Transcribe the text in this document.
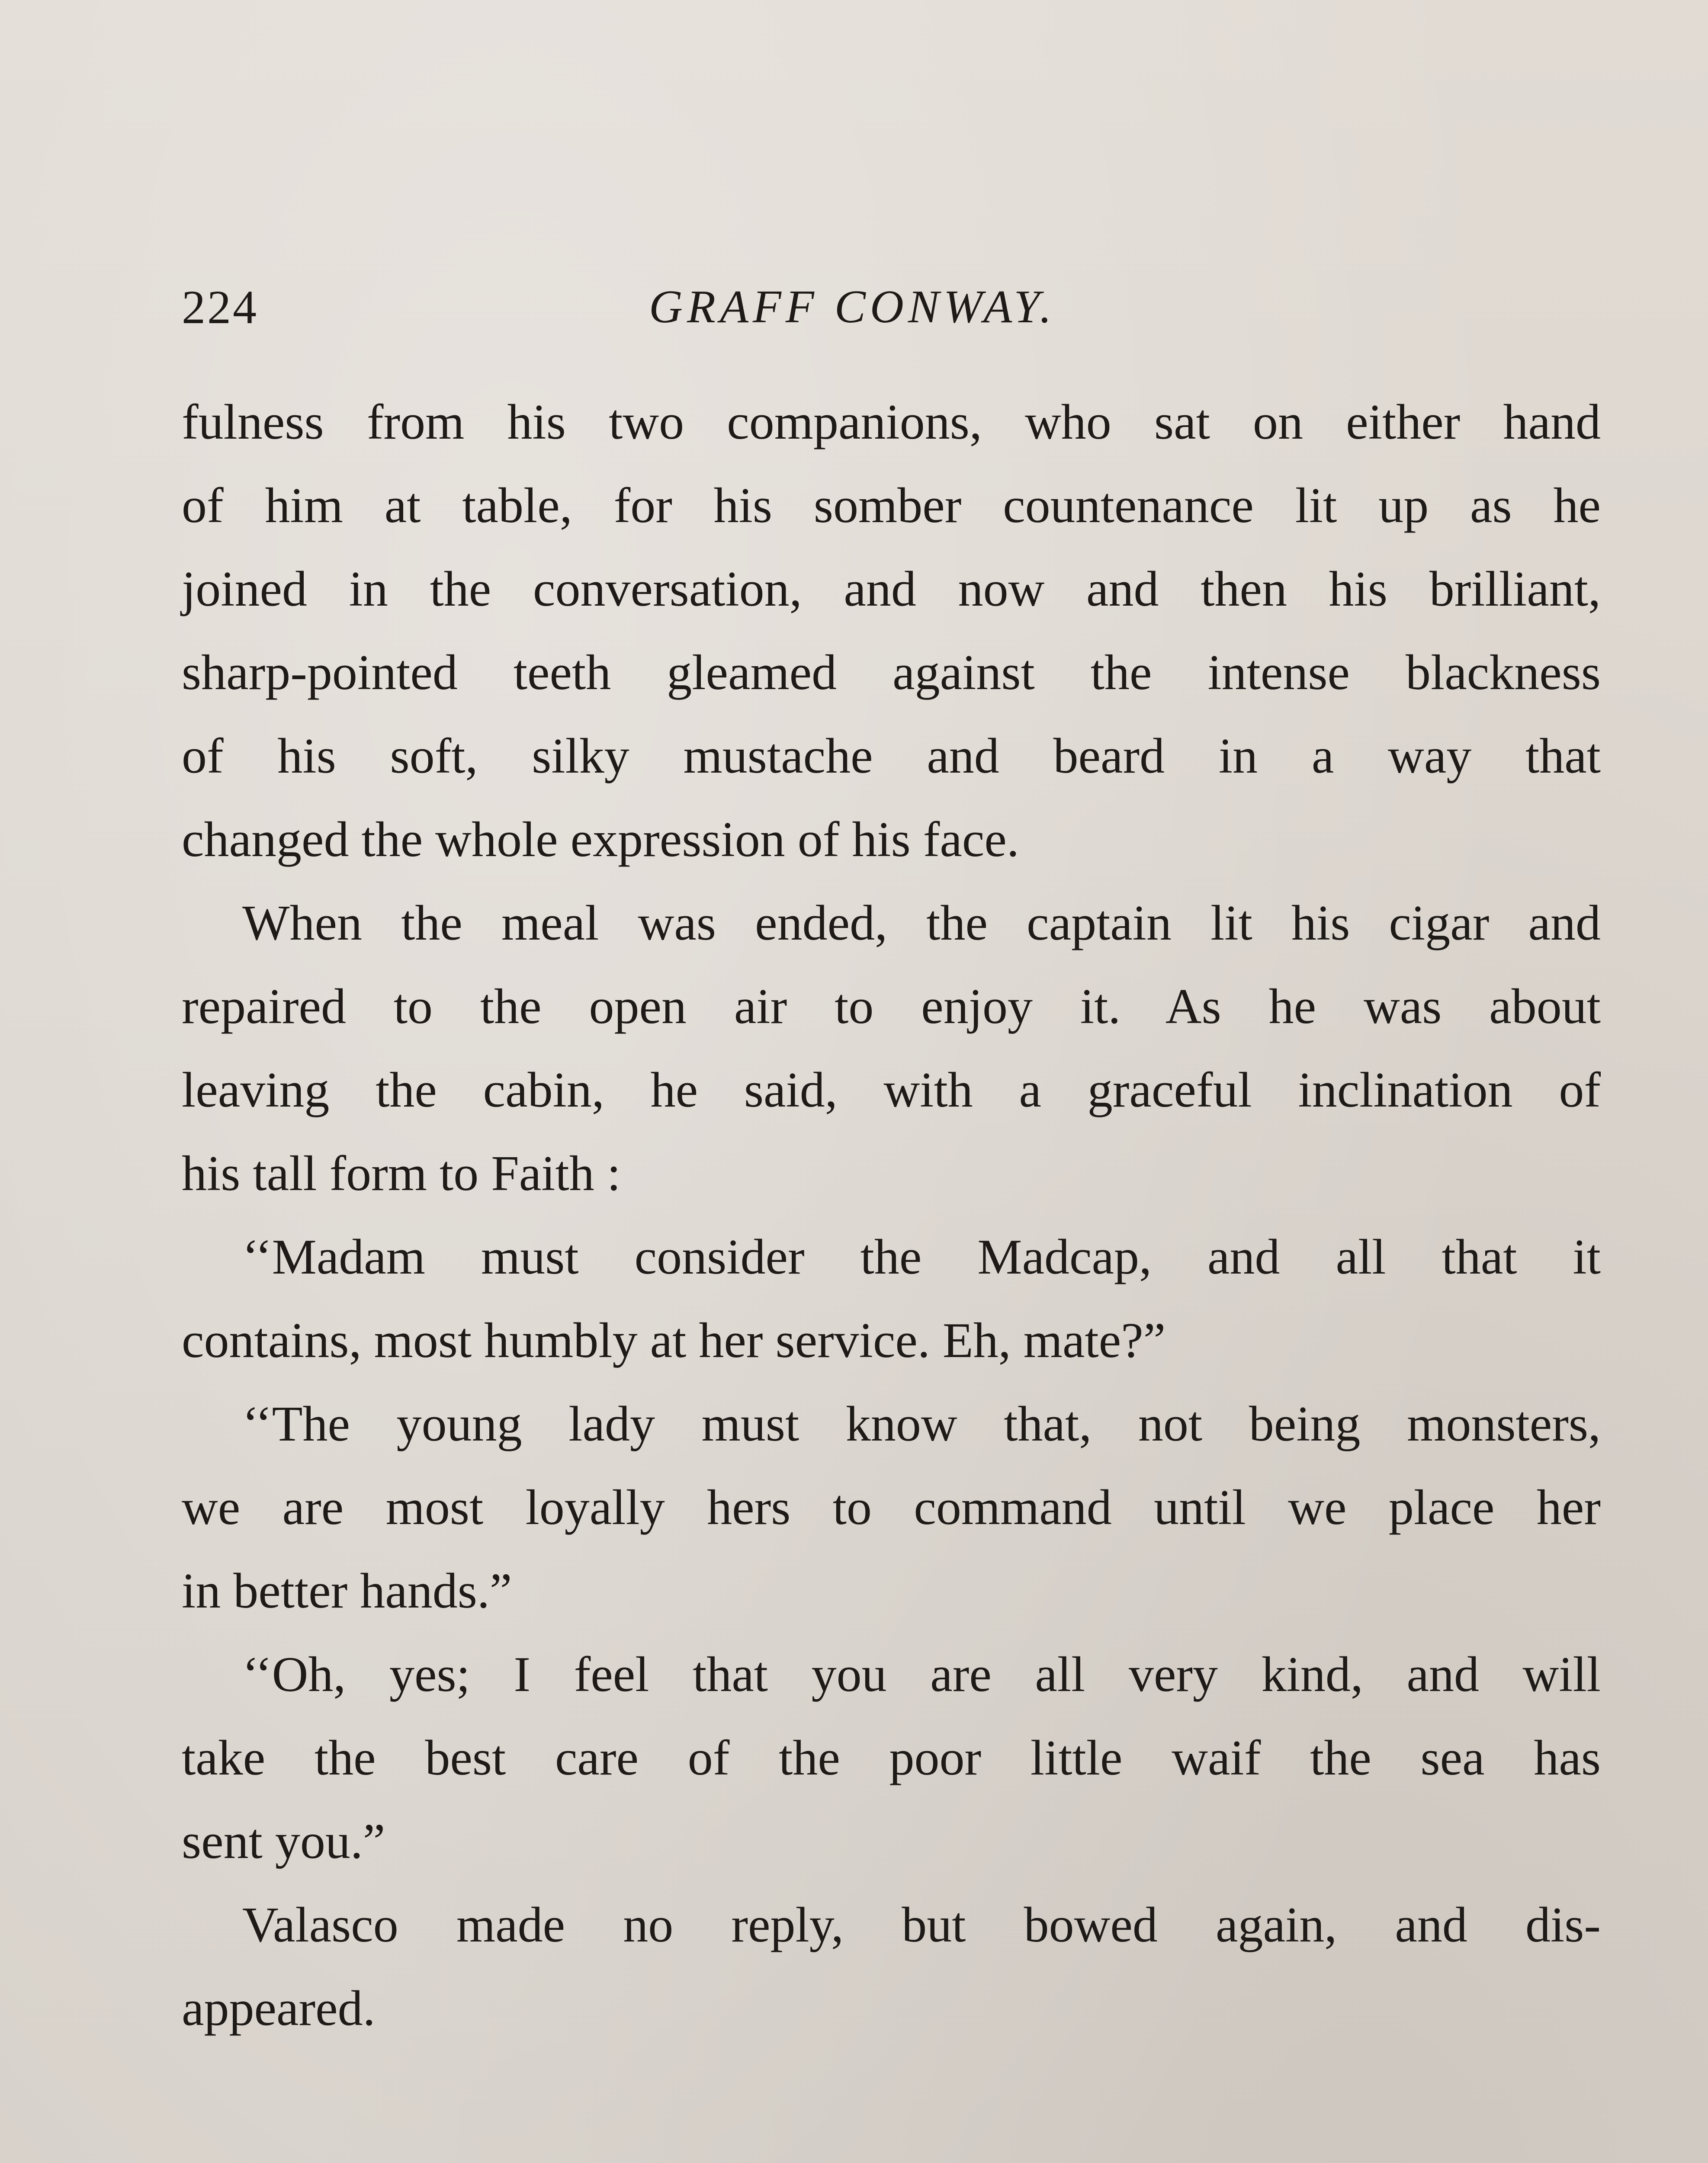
224	GRAFF CONWAY.
fulness from his two companions, who sat on either hand
of him at table, for his somber countenance lit up as he
joined in the conversation, and now and then his brilliant,
sharp-pointed teeth gleamed against the intense blackness
of his soft, silky mustache and beard in a way that
changed the whole expression of his face.
When the meal was ended, the captain lit his cigar and
repaired to the open air to enjoy it. As he was about
leaving the cabin, he said, with a graceful inclination of
his tall form to Faith :
‘‘Madam must consider the Madcap, and all that it
contains, most humbly at her service. Eh, mate?”
‘‘The young lady must know that, not being monsters,
we are most loyally hers to command until we place her
in better hands.”
‘‘Oh, yes; I feel that you are all very kind, and will
take the best care of the poor little waif the sea has
sent you.”
Valasco made no reply, but bowed again, and dis-
appeared.
